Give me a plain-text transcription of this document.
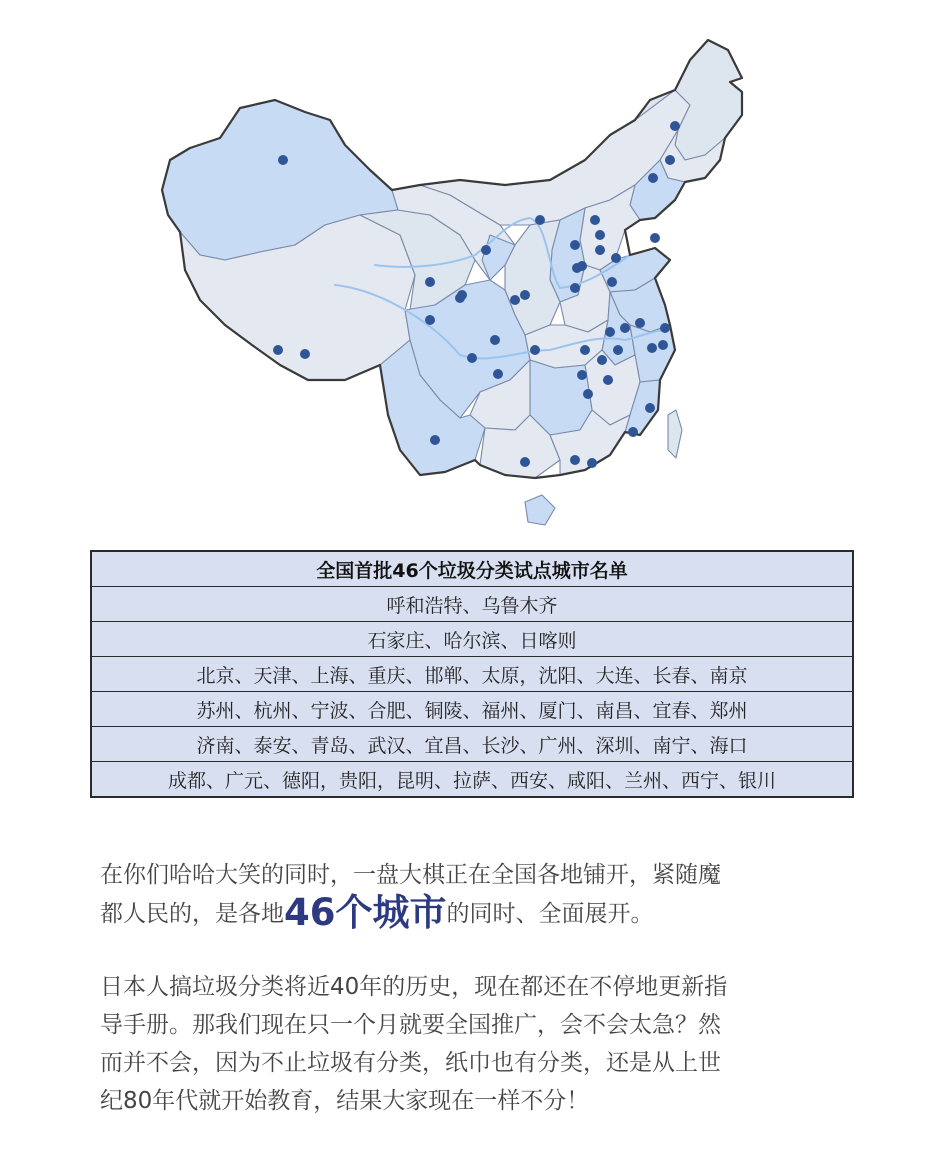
全国首批46个垃圾分类试点城市名单
呼和浩特、乌鲁木齐
石家庄、哈尔滨、日喀则
北京、天津、上海、重庆、邯郸、太原，沈阳、大连、长春、南京
苏州、杭州、宁波、合肥、铜陵、福州、厦门、南昌、宜春、郑州
济南、泰安、青岛、武汉、宜昌、长沙、广州、深圳、南宁、海口
成都、广元、德阳，贵阳，昆明、拉萨、西安、咸阳、兰州、西宁、银川
在你们哈哈大笑的同时，一盘大棋正在全国各地铺开，紧随魔
都人民的，是各地46个城市的同时、全面展开。
日本人搞垃圾分类将近40年的历史，现在都还在不停地更新指
导手册。那我们现在只一个月就要全国推广，会不会太急？然
而并不会，因为不止垃圾有分类，纸巾也有分类，还是从上世
纪80年代就开始教育，结果大家现在一样不分！
